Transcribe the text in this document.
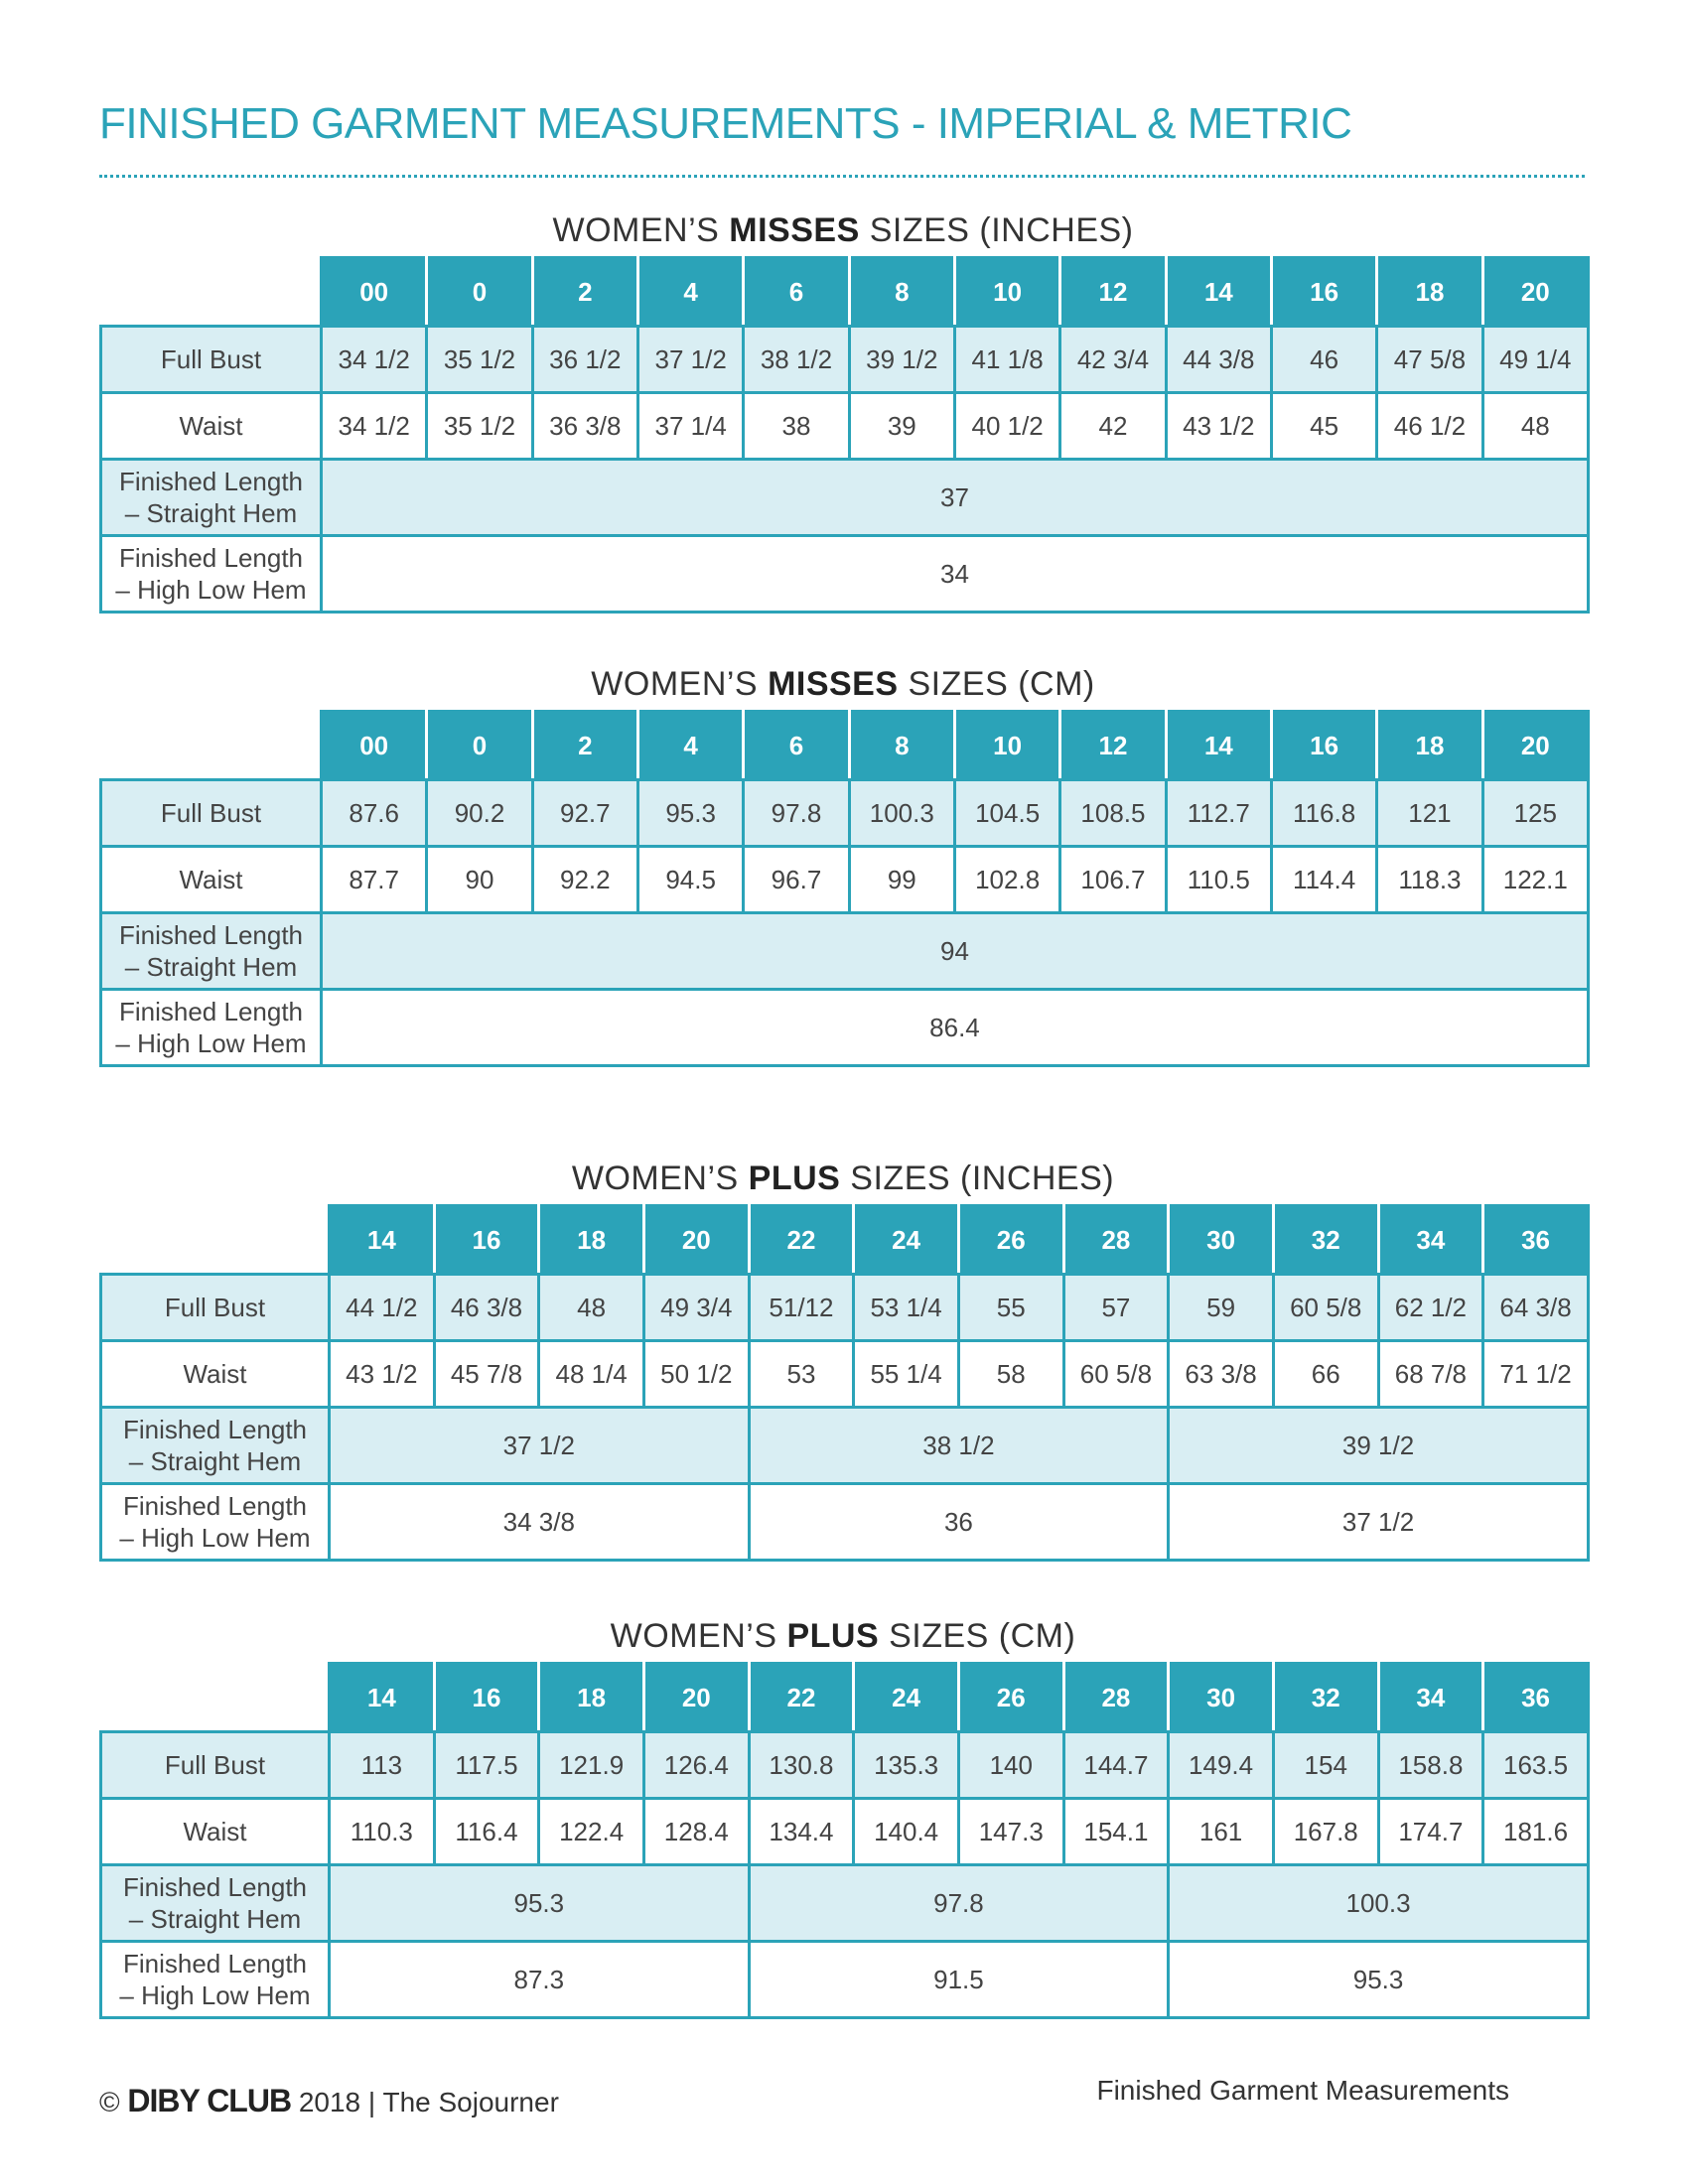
FINISHED GARMENT MEASUREMENTS - IMPERIAL & METRIC
WOMEN’S MISSES SIZES (INCHES)
	00	0	2	4	6	8	10	12	14	16	18	20
Full Bust	34 1/2	35 1/2	36 1/2	37 1/2	38 1/2	39 1/2	41 1/8	42 3/4	44 3/8	46	47 5/8	49 1/4
Waist	34 1/2	35 1/2	36 3/8	37 1/4	38	39	40 1/2	42	43 1/2	45	46 1/2	48
Finished Length
– Straight Hem	37											
Finished Length
– High Low Hem	34											
WOMEN’S MISSES SIZES (CM)
	00	0	2	4	6	8	10	12	14	16	18	20
Full Bust	87.6	90.2	92.7	95.3	97.8	100.3	104.5	108.5	112.7	116.8	121	125
Waist	87.7	90	92.2	94.5	96.7	99	102.8	106.7	110.5	114.4	118.3	122.1
Finished Length
– Straight Hem	94											
Finished Length
– High Low Hem	86.4											
WOMEN’S PLUS SIZES (INCHES)
	14	16	18	20	22	24	26	28	30	32	34	36
Full Bust	44 1/2	46 3/8	48	49 3/4	51/12	53 1/4	55	57	59	60 5/8	62 1/2	64 3/8
Waist	43 1/2	45 7/8	48 1/4	50 1/2	53	55 1/4	58	60 5/8	63 3/8	66	68 7/8	71 1/2
Finished Length
– Straight Hem	37 1/2				38 1/2				39 1/2			
Finished Length
– High Low Hem	34 3/8				36				37 1/2			
WOMEN’S PLUS SIZES (CM)
	14	16	18	20	22	24	26	28	30	32	34	36
Full Bust	113	117.5	121.9	126.4	130.8	135.3	140	144.7	149.4	154	158.8	163.5
Waist	110.3	116.4	122.4	128.4	134.4	140.4	147.3	154.1	161	167.8	174.7	181.6
Finished Length
– Straight Hem	95.3				97.8				100.3			
Finished Length
– High Low Hem	87.3				91.5				95.3			
© DIBY CLUB 2018 | The Sojourner	Finished Garment Measurements
